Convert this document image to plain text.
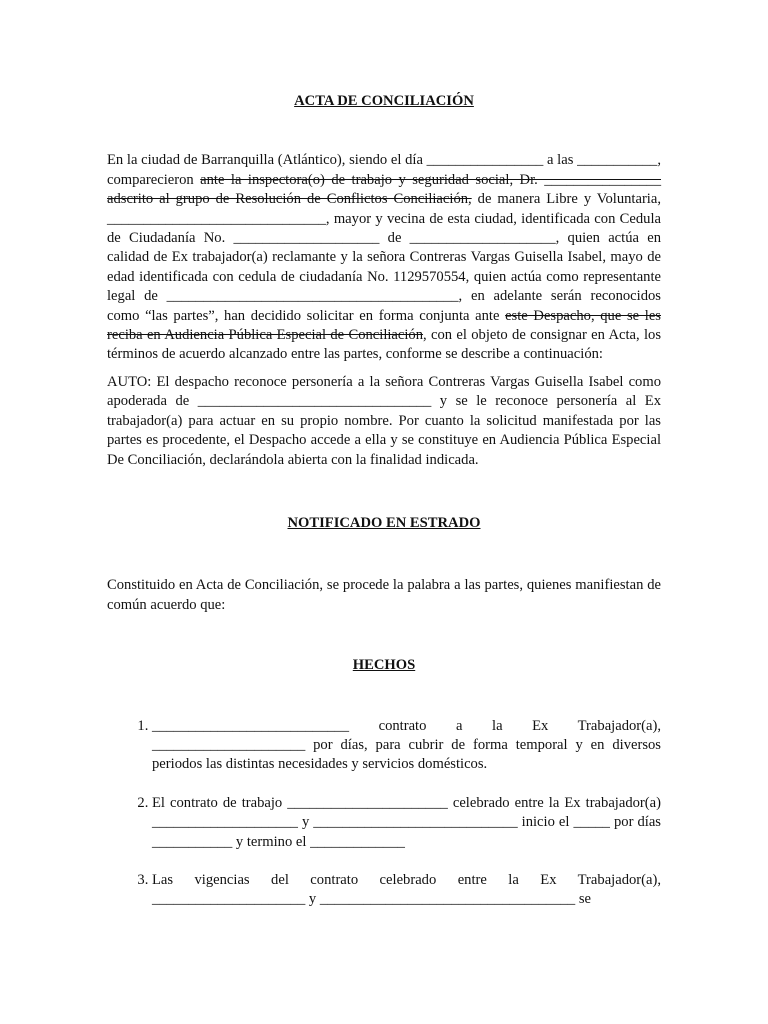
ACTA DE CONCILIACIÓN

En la ciudad de Barranquilla (Atlántico), siendo el día ________________ a las ___________, comparecieron ante la inspectora(o) de trabajo y seguridad social, Dr. ________________ adscrito al grupo de Resolución de Conflictos Conciliación, de manera Libre y Voluntaria, ______________________________, mayor y vecina de esta ciudad, identificada con Cedula de Ciudadanía No. ____________________ de ____________________, quien actúa en calidad de Ex trabajador(a) reclamante y la señora Contreras Vargas Guisella Isabel, mayo de edad identificada con cedula de ciudadanía No. 1129570554, quien actúa como representante legal de ________________________________________, en adelante serán reconocidos como “las partes”, han decidido solicitar en forma conjunta ante este Despacho, que se les reciba en Audiencia Pública Especial de Conciliación, con el objeto de consignar en Acta, los términos de acuerdo alcanzado entre las partes, conforme se describe a continuación:

AUTO: El despacho reconoce personería a la señora Contreras Vargas Guisella Isabel como apoderada de ________________________________ y se le reconoce personería al Ex trabajador(a) para actuar en su propio nombre. Por cuanto la solicitud manifestada por las partes es procedente, el Despacho accede a ella y se constituye en Audiencia Pública Especial De Conciliación, declarándola abierta con la finalidad indicada.

NOTIFICADO EN ESTRADO

Constituido en Acta de Conciliación, se procede la palabra a las partes, quienes manifiestan de común acuerdo que:

HECHOS

1. ___________________________ contrato a la Ex Trabajador(a), _____________________ por días, para cubrir de forma temporal y en diversos periodos las distintas necesidades y servicios domésticos.
2. El contrato de trabajo ______________________ celebrado entre la Ex trabajador(a) ____________________ y ____________________________ inicio el _____ por días ___________ y termino el _____________
3. Las vigencias del contrato celebrado entre la Ex Trabajador(a), _____________________ y ___________________________________ se
